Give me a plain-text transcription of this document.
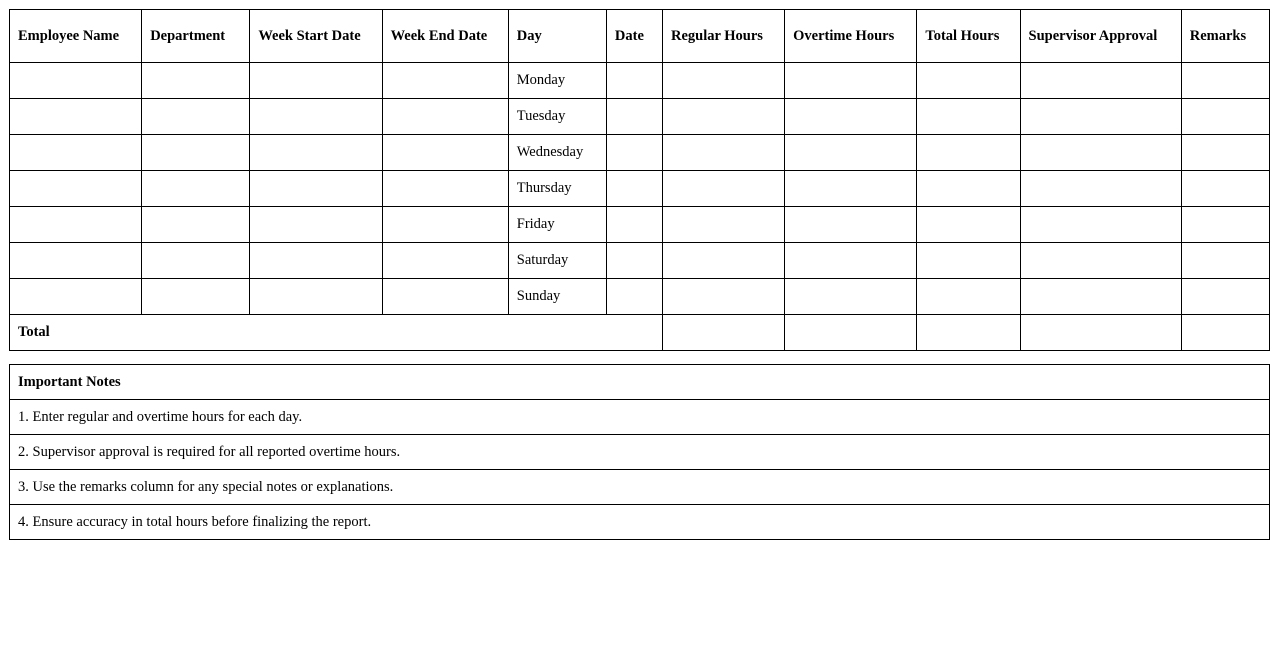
Employee Name	Department	Week Start Date	Week End Date	Day	Date	Regular Hours	Overtime Hours	Total Hours	Supervisor Approval	Remarks
				Monday						
				Tuesday						
				Wednesday						
				Thursday						
				Friday						
				Saturday						
				Sunday						
Total										
Important Notes
1. Enter regular and overtime hours for each day.
2. Supervisor approval is required for all reported overtime hours.
3. Use the remarks column for any special notes or explanations.
4. Ensure accuracy in total hours before finalizing the report.
